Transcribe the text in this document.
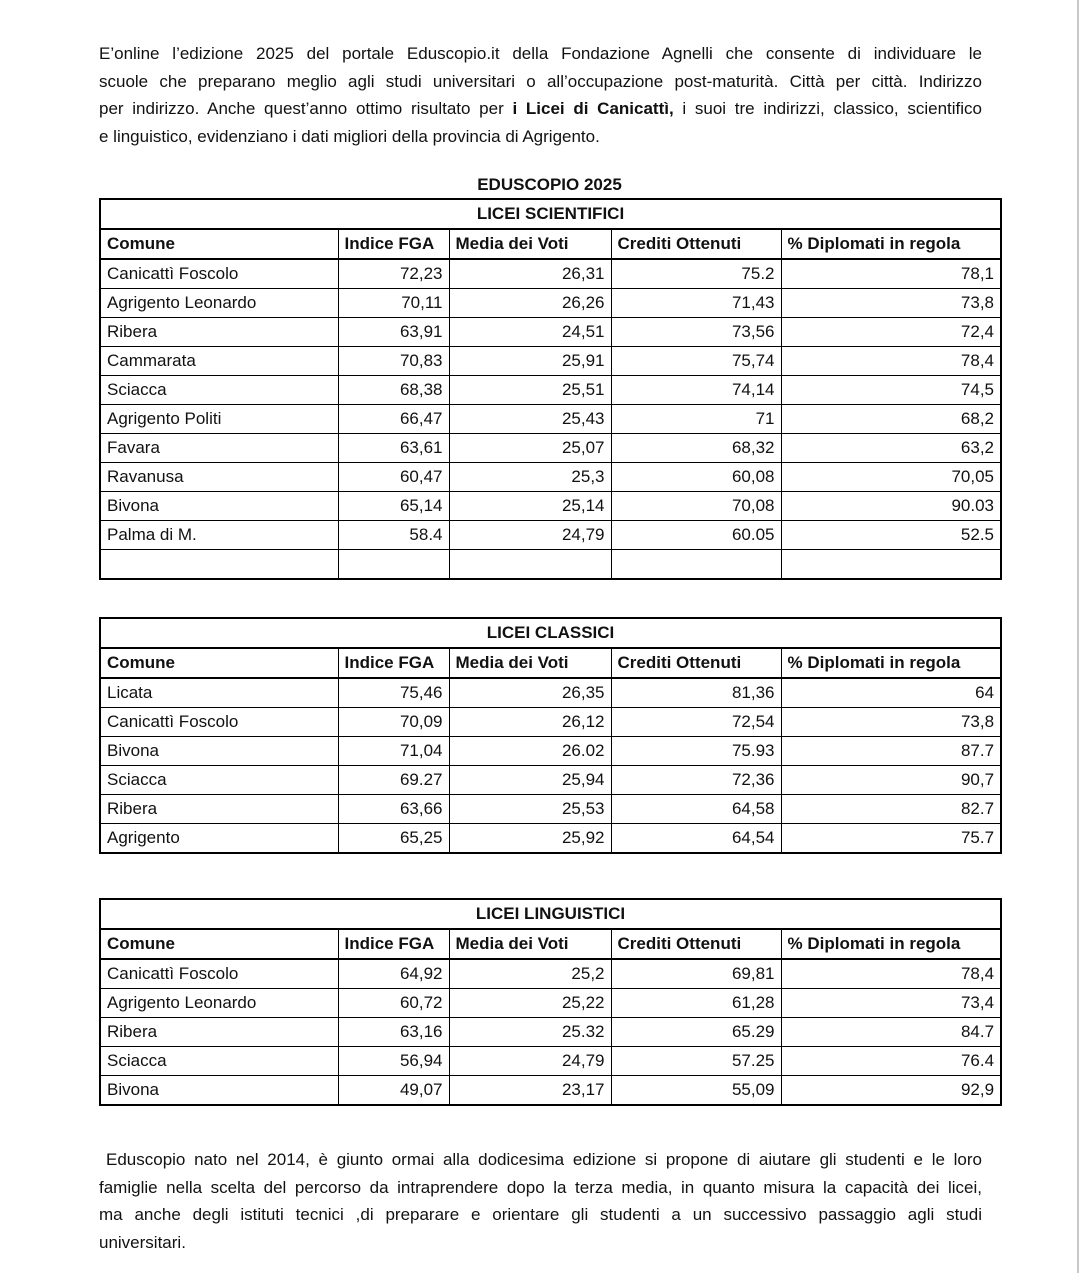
E’online l’edizione 2025 del portale Eduscopio.it della Fondazione Agnelli che consente di individuare le
scuole che preparano meglio agli studi universitari o all’occupazione post-maturità. Città per città. Indirizzo
per indirizzo. Anche quest’anno ottimo risultato per i Licei di Canicattì, i suoi tre indirizzi, classico, scientifico
e linguistico, evidenziano i dati migliori della provincia di Agrigento.
EDUSCOPIO 2025
LICEI SCIENTIFICI				
Comune	Indice FGA	Media dei Voti	Crediti Ottenuti	% Diplomati in regola
Canicattì Foscolo	72,23	26,31	75.2	78,1
Agrigento Leonardo	70,11	26,26	71,43	73,8
Ribera	63,91	24,51	73,56	72,4
Cammarata	70,83	25,91	75,74	78,4
Sciacca	68,38	25,51	74,14	74,5
Agrigento Politi	66,47	25,43	71	68,2
Favara	63,61	25,07	68,32	63,2
Ravanusa	60,47	25,3	60,08	70,05
Bivona	65,14	25,14	70,08	90.03
Palma di M.	58.4	24,79	60.05	52.5

LICEI CLASSICI				
Comune	Indice FGA	Media dei Voti	Crediti Ottenuti	% Diplomati in regola
Licata	75,46	26,35	81,36	64
Canicattì Foscolo	70,09	26,12	72,54	73,8
Bivona	71,04	26.02	75.93	87.7
Sciacca	69.27	25,94	72,36	90,7
Ribera	63,66	25,53	64,58	82.7
Agrigento	65,25	25,92	64,54	75.7
LICEI LINGUISTICI				
Comune	Indice FGA	Media dei Voti	Crediti Ottenuti	% Diplomati in regola
Canicattì Foscolo	64,92	25,2	69,81	78,4
Agrigento Leonardo	60,72	25,22	61,28	73,4
Ribera	63,16	25.32	65.29	84.7
Sciacca	56,94	24,79	57.25	76.4
Bivona	49,07	23,17	55,09	92,9
Eduscopio nato nel 2014, è giunto ormai alla dodicesima edizione si propone di aiutare gli studenti e le loro
famiglie nella scelta del percorso da intraprendere dopo la terza media, in quanto misura la capacità dei licei,
ma anche degli istituti tecnici ,di preparare e orientare gli studenti a un successivo passaggio agli studi
universitari.
